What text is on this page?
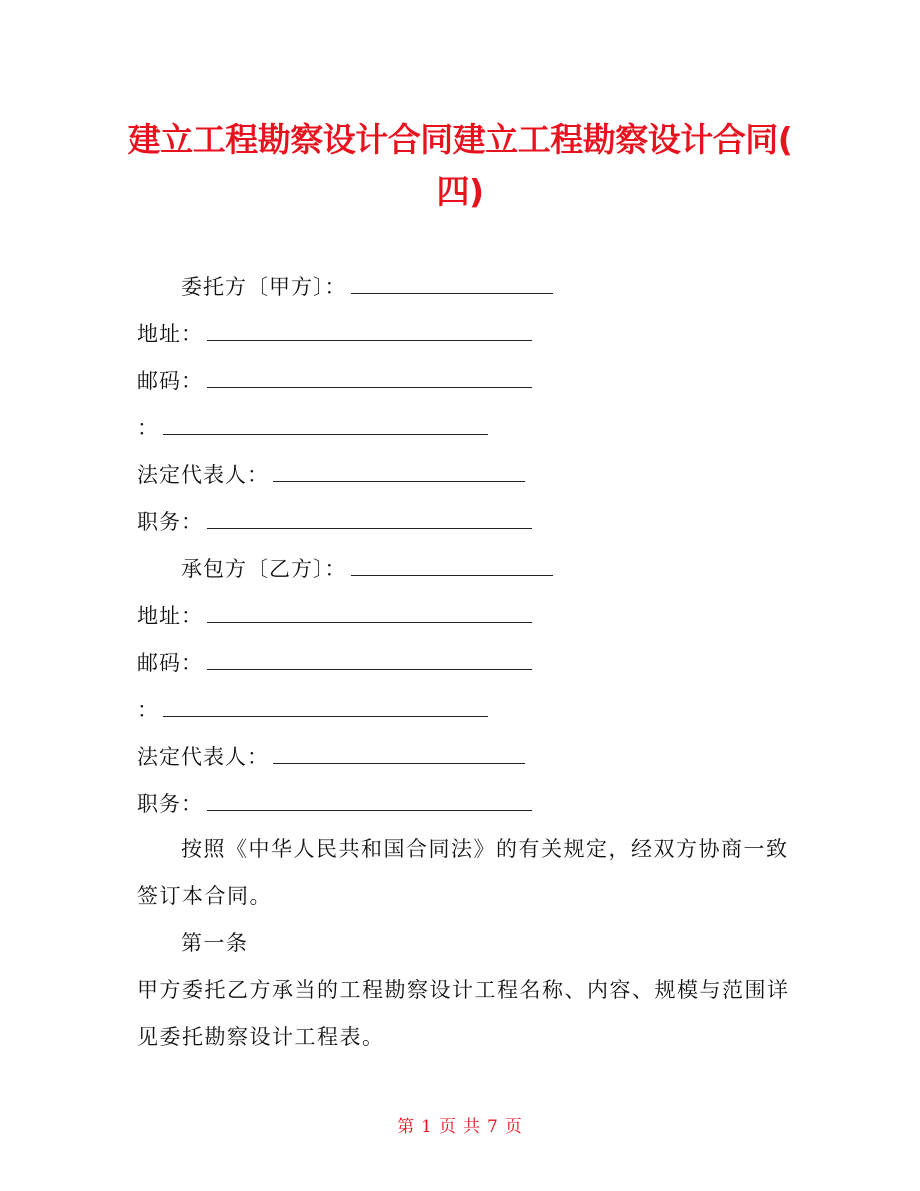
建立工程勘察设计合同建立工程勘察设计合同(
四)
委托方〔甲方〕：
地址：
邮码：
：
法定代表人：
职务：
承包方〔乙方〕：
地址：
邮码：
：
法定代表人：
职务：
按照《中华人民共和国合同法》的有关规定，经双方协商一致签订本合同。
第一条
甲方委托乙方承当的工程勘察设计工程名称、内容、规模与范围详见委托勘察设计工程表。
第 1 页 共 7 页
